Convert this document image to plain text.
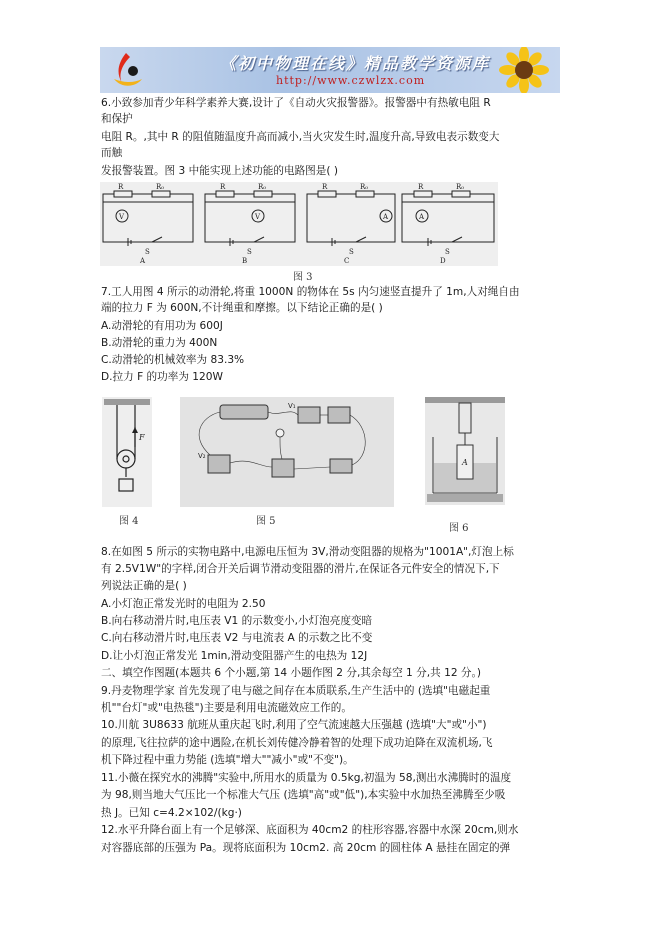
《初中物理在线》精品教学资源库
http://www.czwlzx.com
6.小致参加青少年科学素养大赛,设计了《自动火灾报警器》。报警器中有热敏电阻 R
和保护
电阻 R。,其中 R 的阻值随温度升高而减小,当火灾发生时,温度升高,导致电表示数变大
而触
发报警装置。图 3 中能实现上述功能的电路图是( )
R	R₀
V
S
A
R	R₀
V
S
B
R	R₀
A
S
C
R	R₀
A
S
D
图 3
7.工人用图 4 所示的动滑轮,将重 1000N 的物体在 5s 内匀速竖直提升了 1m,人对绳自由
端的拉力 F 为 600N,不计绳重和摩擦。以下结论正确的是( )
A.动滑轮的有用功为 600J
B.动滑轮的重力为 400N
C.动滑轮的机械效率为 83.3%
D.拉力 F 的功率为 120W
F
图 4
V₁
V₂
图 5
A
图 6
8.在如图 5 所示的实物电路中,电源电压恒为 3V,滑动变阻器的规格为"1001A",灯泡上标
有 2.5V1W"的字样,闭合开关后调节滑动变阻器的滑片,在保证各元件安全的情况下,下
列说法正确的是( )
A.小灯泡正常发光时的电阻为 2.50
B.向右移动滑片时,电压表 V1 的示数变小,小灯泡亮度变暗
C.向右移动滑片时,电压表 V2 与电流表 A 的示数之比不变
D.让小灯泡正常发光 1min,滑动变阻器产生的电热为 12J
二、填空作图题(本题共 6 个小题,第 14 小题作图 2 分,其余每空 1 分,共 12 分。)
9.丹麦物理学家 首先发现了电与磁之间存在本质联系,生产生活中的 (选填"电磁起重
机""台灯"或"电热毯")主要是利用电流磁效应工作的。
10.川航 3U8633 航班从重庆起飞时,利用了空气流速越大压强越 (选填"大"或"小")
的原理,飞往拉萨的途中遇险,在机长刘传健冷静着智的处理下成功迫降在双流机场,飞
机下降过程中重力势能 (选填"增大""减小"或"不变")。
11.小薇在探究水的沸腾"实验中,所用水的质量为 0.5kg,初温为 58,测出水沸腾时的温度
为 98,则当地大气压比一个标准大气压 (选填"高"或"低"),本实验中水加热至沸腾至少吸
热 J。已知 c=4.2×102/(kg·)
12.水平升降台面上有一个足够深、底面积为 40cm2 的柱形容器,容器中水深 20cm,则水
对容器底部的压强为 Pa。现将底面积为 10cm2. 高 20cm 的圆柱体 A 悬挂在固定的弹
